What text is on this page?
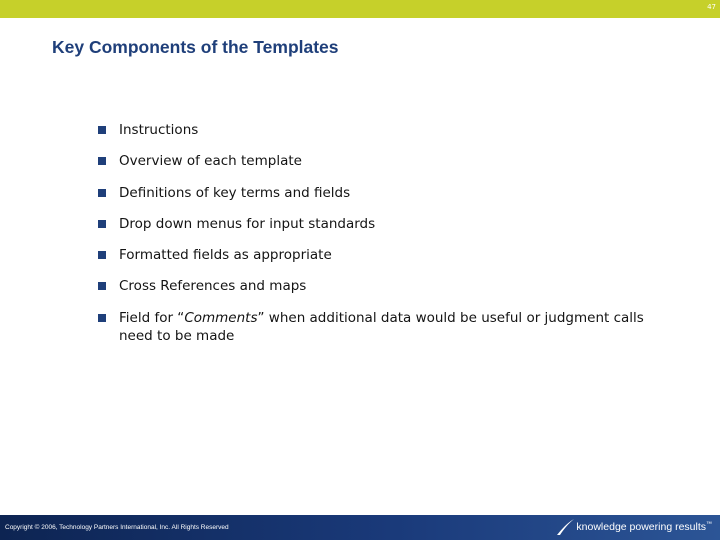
47
Key Components of the Templates
Instructions
Overview of each template
Definitions of key terms and fields
Drop down menus for input standards
Formatted fields as appropriate
Cross References and maps
Field for “Comments” when additional data would be useful or judgment calls need to be made
Copyright © 2006, Technology Partners International, Inc. All Rights Reserved	knowledge powering results™
